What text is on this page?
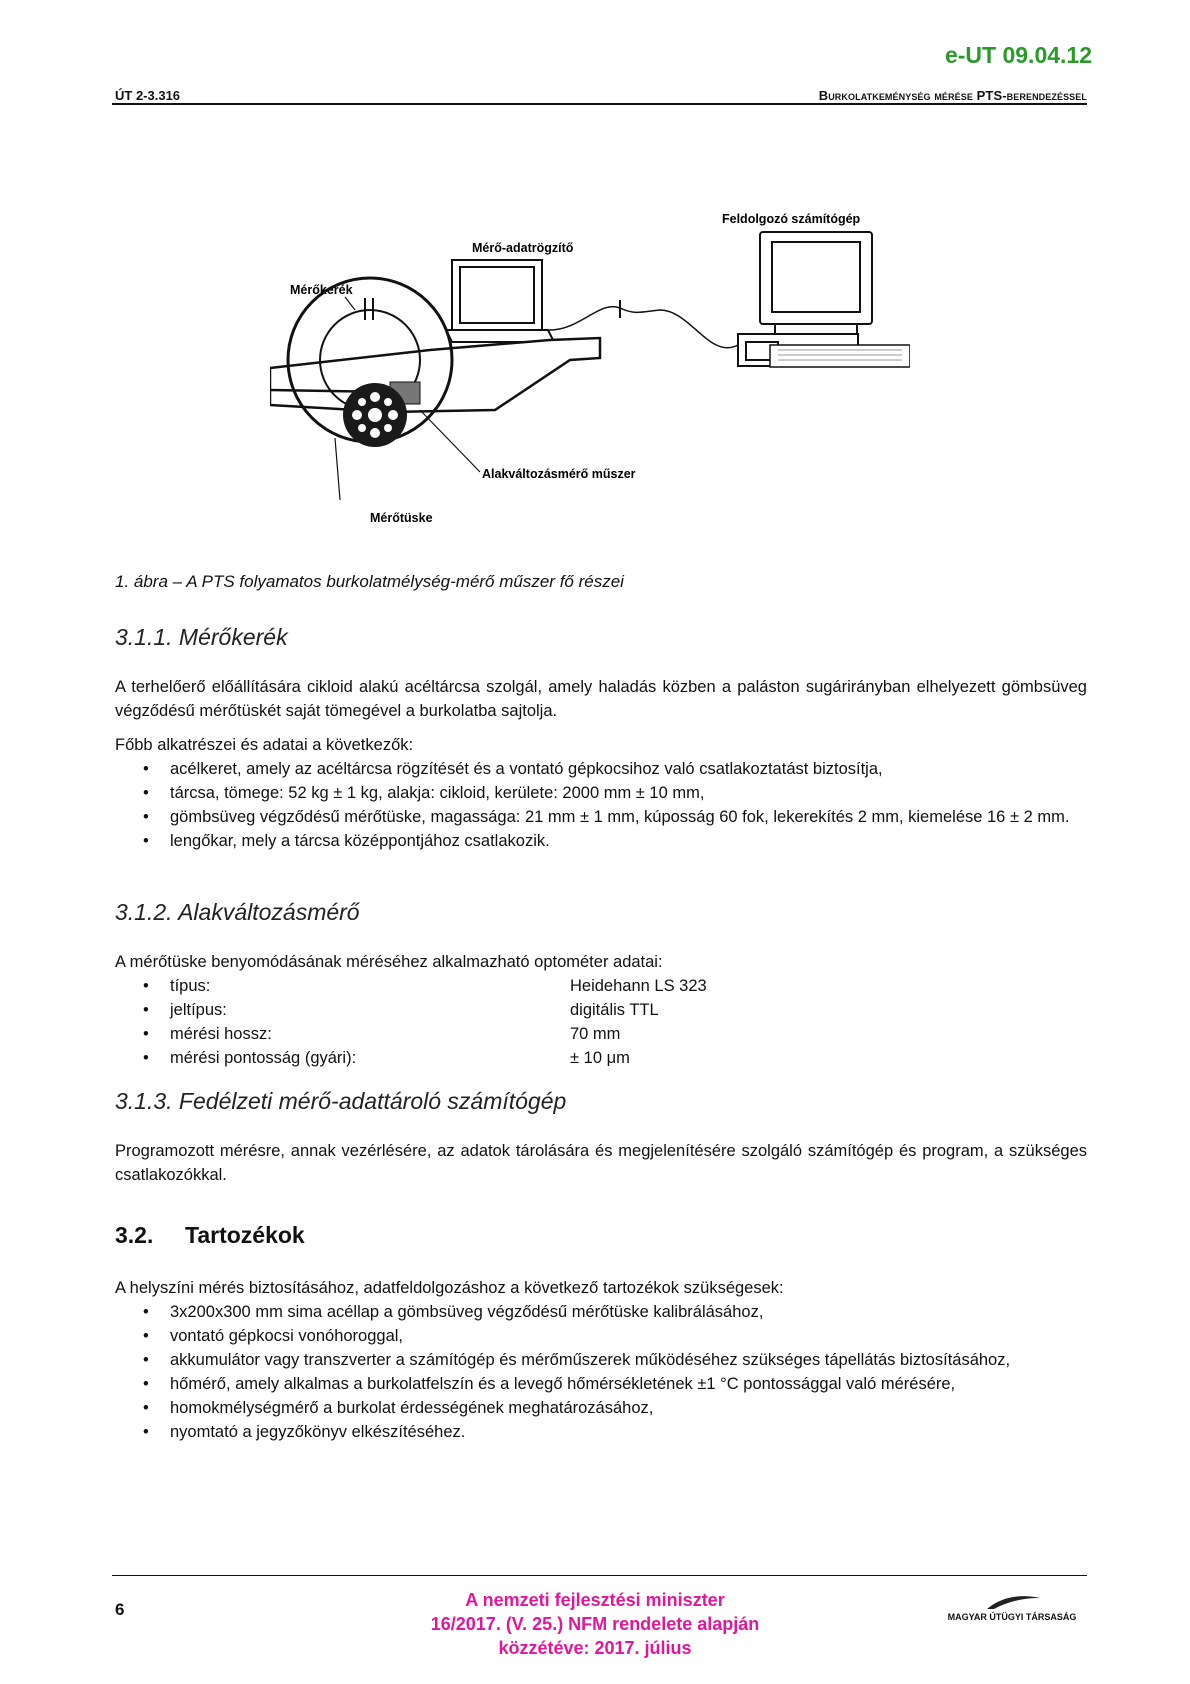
e-UT 09.04.12
ÚT 2-3.316	Burkolatkeménység mérése PTS-berendezéssel
Feldolgozó számítógép
Mérő-adatrögzítő
Mérőkerék
Alakváltozásmérő műszer
Mérőtüske
1. ábra – A PTS folyamatos burkolatmélység-mérő műszer fő részei
3.1.1. Mérőkerék
A terhelőerő előállítására cikloid alakú acéltárcsa szolgál, amely haladás közben a paláston sugárirányban elhelyezett gömbsüveg végződésű mérőtüskét saját tömegével a burkolatba sajtolja.
Főbb alkatrészei és adatai a következők:
• acélkeret, amely az acéltárcsa rögzítését és a vontató gépkocsihoz való csatlakoztatást biztosítja,
• tárcsa, tömege: 52 kg ± 1 kg, alakja: cikloid, kerülete: 2000 mm ± 10 mm,
• gömbsüveg végződésű mérőtüske, magassága: 21 mm ± 1 mm, kúposság 60 fok, lekerekítés 2 mm, kiemelése 16 ± 2 mm.
• lengőkar, mely a tárcsa középpontjához csatlakozik.
3.1.2. Alakváltozásmérő
A mérőtüske benyomódásának méréséhez alkalmazható optométer adatai:
• típus:	Heidehann LS 323
• jeltípus:	digitális TTL
• mérési hossz:	70 mm
• mérési pontosság (gyári):	± 10 μm
3.1.3. Fedélzeti mérő-adattároló számítógép
Programozott mérésre, annak vezérlésére, az adatok tárolására és megjelenítésére szolgáló számítógép és program, a szükséges csatlakozókkal.
3.2. Tartozékok
A helyszíni mérés biztosításához, adatfeldolgozáshoz a következő tartozékok szükségesek:
• 3x200x300 mm sima acéllap a gömbsüveg végződésű mérőtüske kalibrálásához,
• vontató gépkocsi vonóhoroggal,
• akkumulátor vagy transzverter a számítógép és mérőműszerek működéséhez szükséges tápellátás biztosításához,
• hőmérő, amely alkalmas a burkolatfelszín és a levegő hőmérsékletének ±1 °C pontossággal való mérésére,
• homokmélységmérő a burkolat érdességének meghatározásához,
• nyomtató a jegyzőkönyv elkészítéséhez.
6	A nemzeti fejlesztési miniszter
16/2017. (V. 25.) NFM rendelete alapján
közzétéve: 2017. július
MAGYAR ÚTÜGYI TÁRSASÁG
